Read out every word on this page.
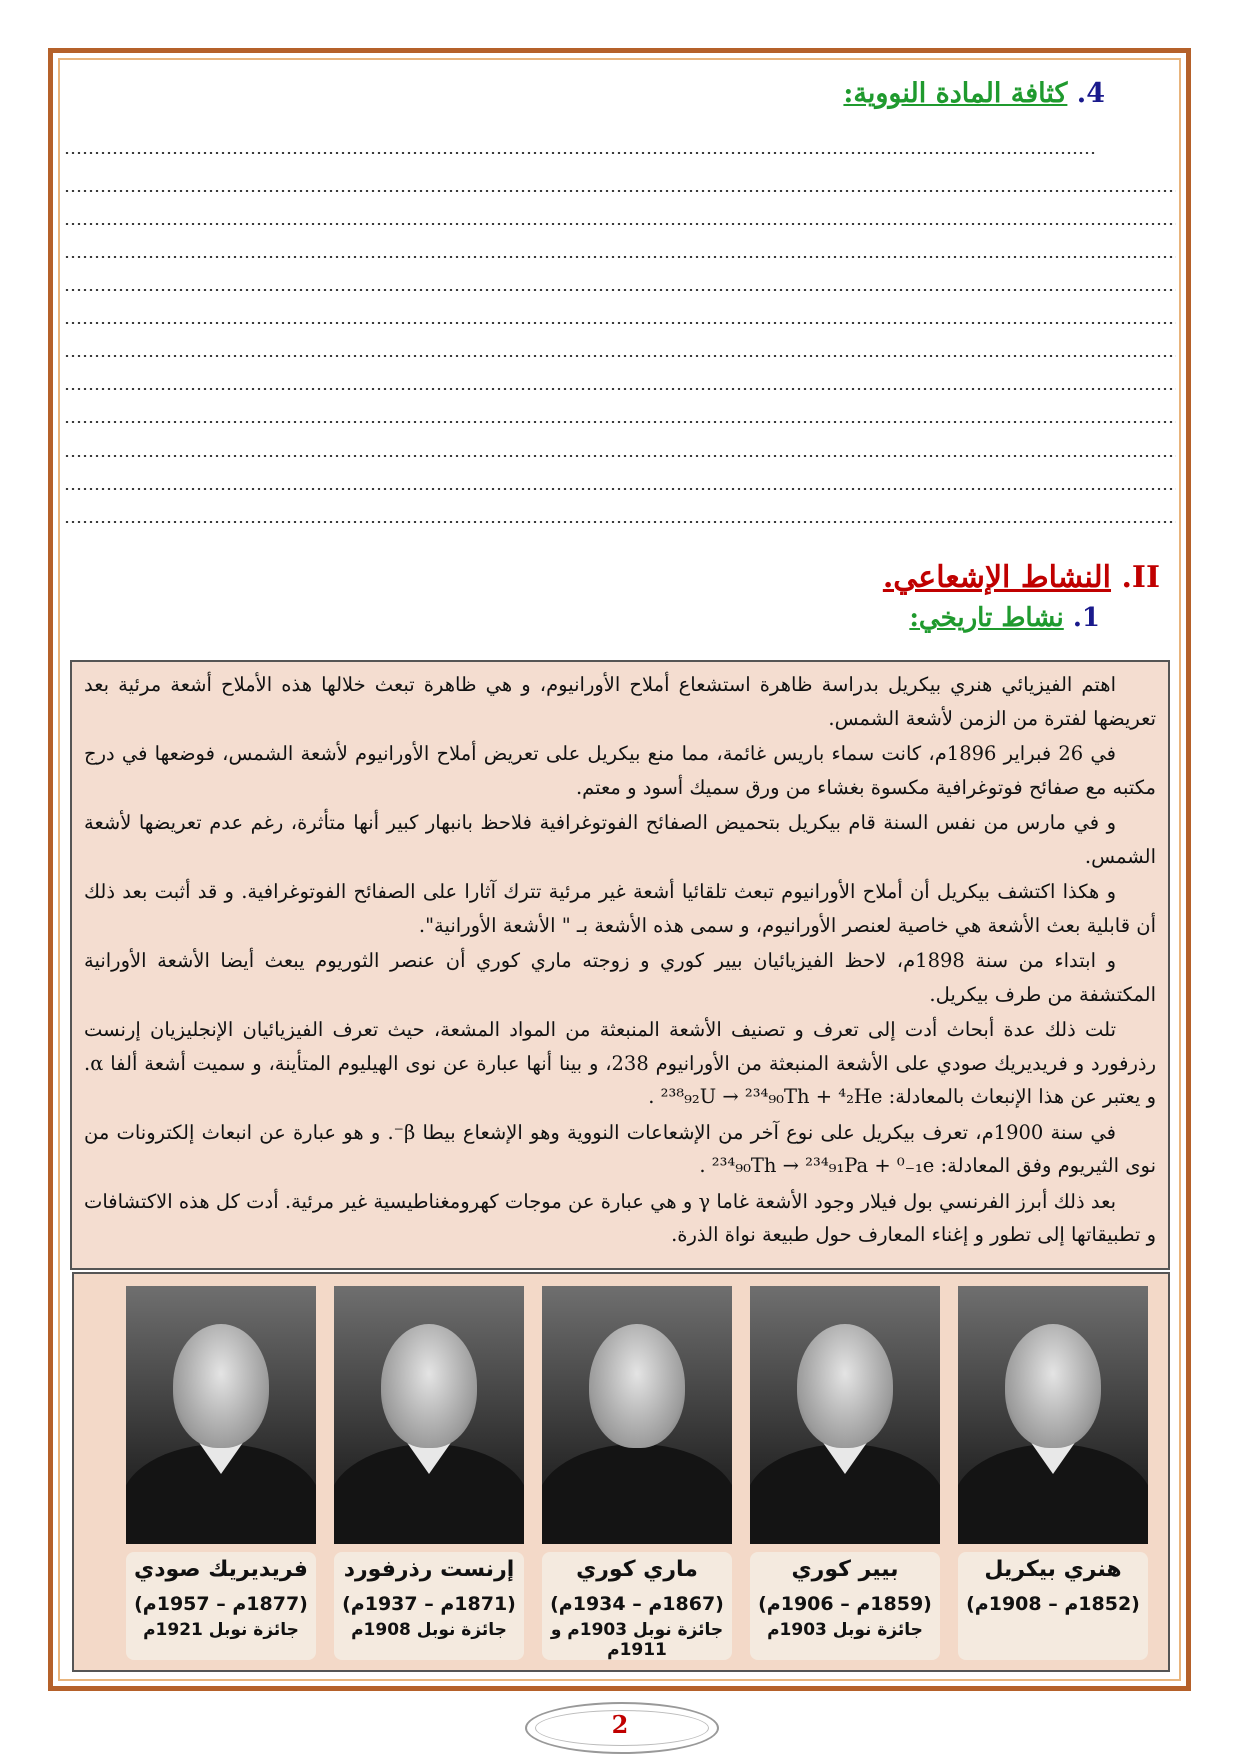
4. كثافة المادة النووية:
II. النشاط الإشعاعي.
1. نشاط تاريخي:

اهتم الفيزيائي هنري بيكريل بدراسة ظاهرة استشعاع أملاح الأورانيوم، و هي ظاهرة تبعث خلالها هذه الأملاح أشعة مرئية بعد تعريضها لفترة من الزمن لأشعة الشمس.

في 26 فبراير 1896م، كانت سماء باريس غائمة، مما منع بيكريل على تعريض أملاح الأورانيوم لأشعة الشمس، فوضعها في درج مكتبه مع صفائح فوتوغرافية مكسوة بغشاء من ورق سميك أسود و معتم.

و في مارس من نفس السنة قام بيكريل بتحميض الصفائح الفوتوغرافية فلاحظ بانبهار كبير أنها متأثرة، رغم عدم تعريضها لأشعة الشمس.

و هكذا اكتشف بيكريل أن أملاح الأورانيوم تبعث تلقائيا أشعة غير مرئية تترك آثارا على الصفائح الفوتوغرافية. و قد أثبت بعد ذلك أن قابلية بعث الأشعة هي خاصية لعنصر الأورانيوم، و سمى هذه الأشعة بـ " الأشعة الأورانية".

و ابتداء من سنة 1898م، لاحظ الفيزيائيان بيير كوري و زوجته ماري كوري أن عنصر الثوريوم يبعث أيضا الأشعة الأورانية المكتشفة من طرف بيكريل.

تلت ذلك عدة أبحاث أدت إلى تعرف و تصنيف الأشعة المنبعثة من المواد المشعة، حيث تعرف الفيزيائيان الإنجليزيان إرنست رذرفورد و فريديريك صودي على الأشعة المنبعثة من الأورانيوم 238، و بينا أنها عبارة عن نوى الهيليوم المتأينة، و سميت أشعة ألفا α. و يعتبر عن هذا الإنبعاث بالمعادلة: ²³⁸₉₂U → ²³⁴₉₀Th + ⁴₂He .

في سنة 1900م، تعرف بيكريل على نوع آخر من الإشعاعات النووية وهو الإشعاع بيطا β⁻. و هو عبارة عن انبعاث إلكترونات من نوى الثيريوم وفق المعادلة: ²³⁴₉₀Th → ²³⁴₉₁Pa + ⁰₋₁e .

بعد ذلك أبرز الفرنسي بول فيلار وجود الأشعة غاما γ و هي عبارة عن موجات كهرومغناطيسية غير مرئية. أدت كل هذه الاكتشافات و تطبيقاتها إلى تطور و إغناء المعارف حول طبيعة نواة الذرة.

هنري بيكريل
(1852م – 1908م)
بيير كوري
(1859م – 1906م)
جائزة نوبل 1903م
ماري كوري
(1867م – 1934م)
جائزة نوبل 1903م و 1911م
إرنست رذرفورد
(1871م – 1937م)
جائزة نوبل 1908م
فريديريك صودي
(1877م – 1957م)
جائزة نوبل 1921م
2
